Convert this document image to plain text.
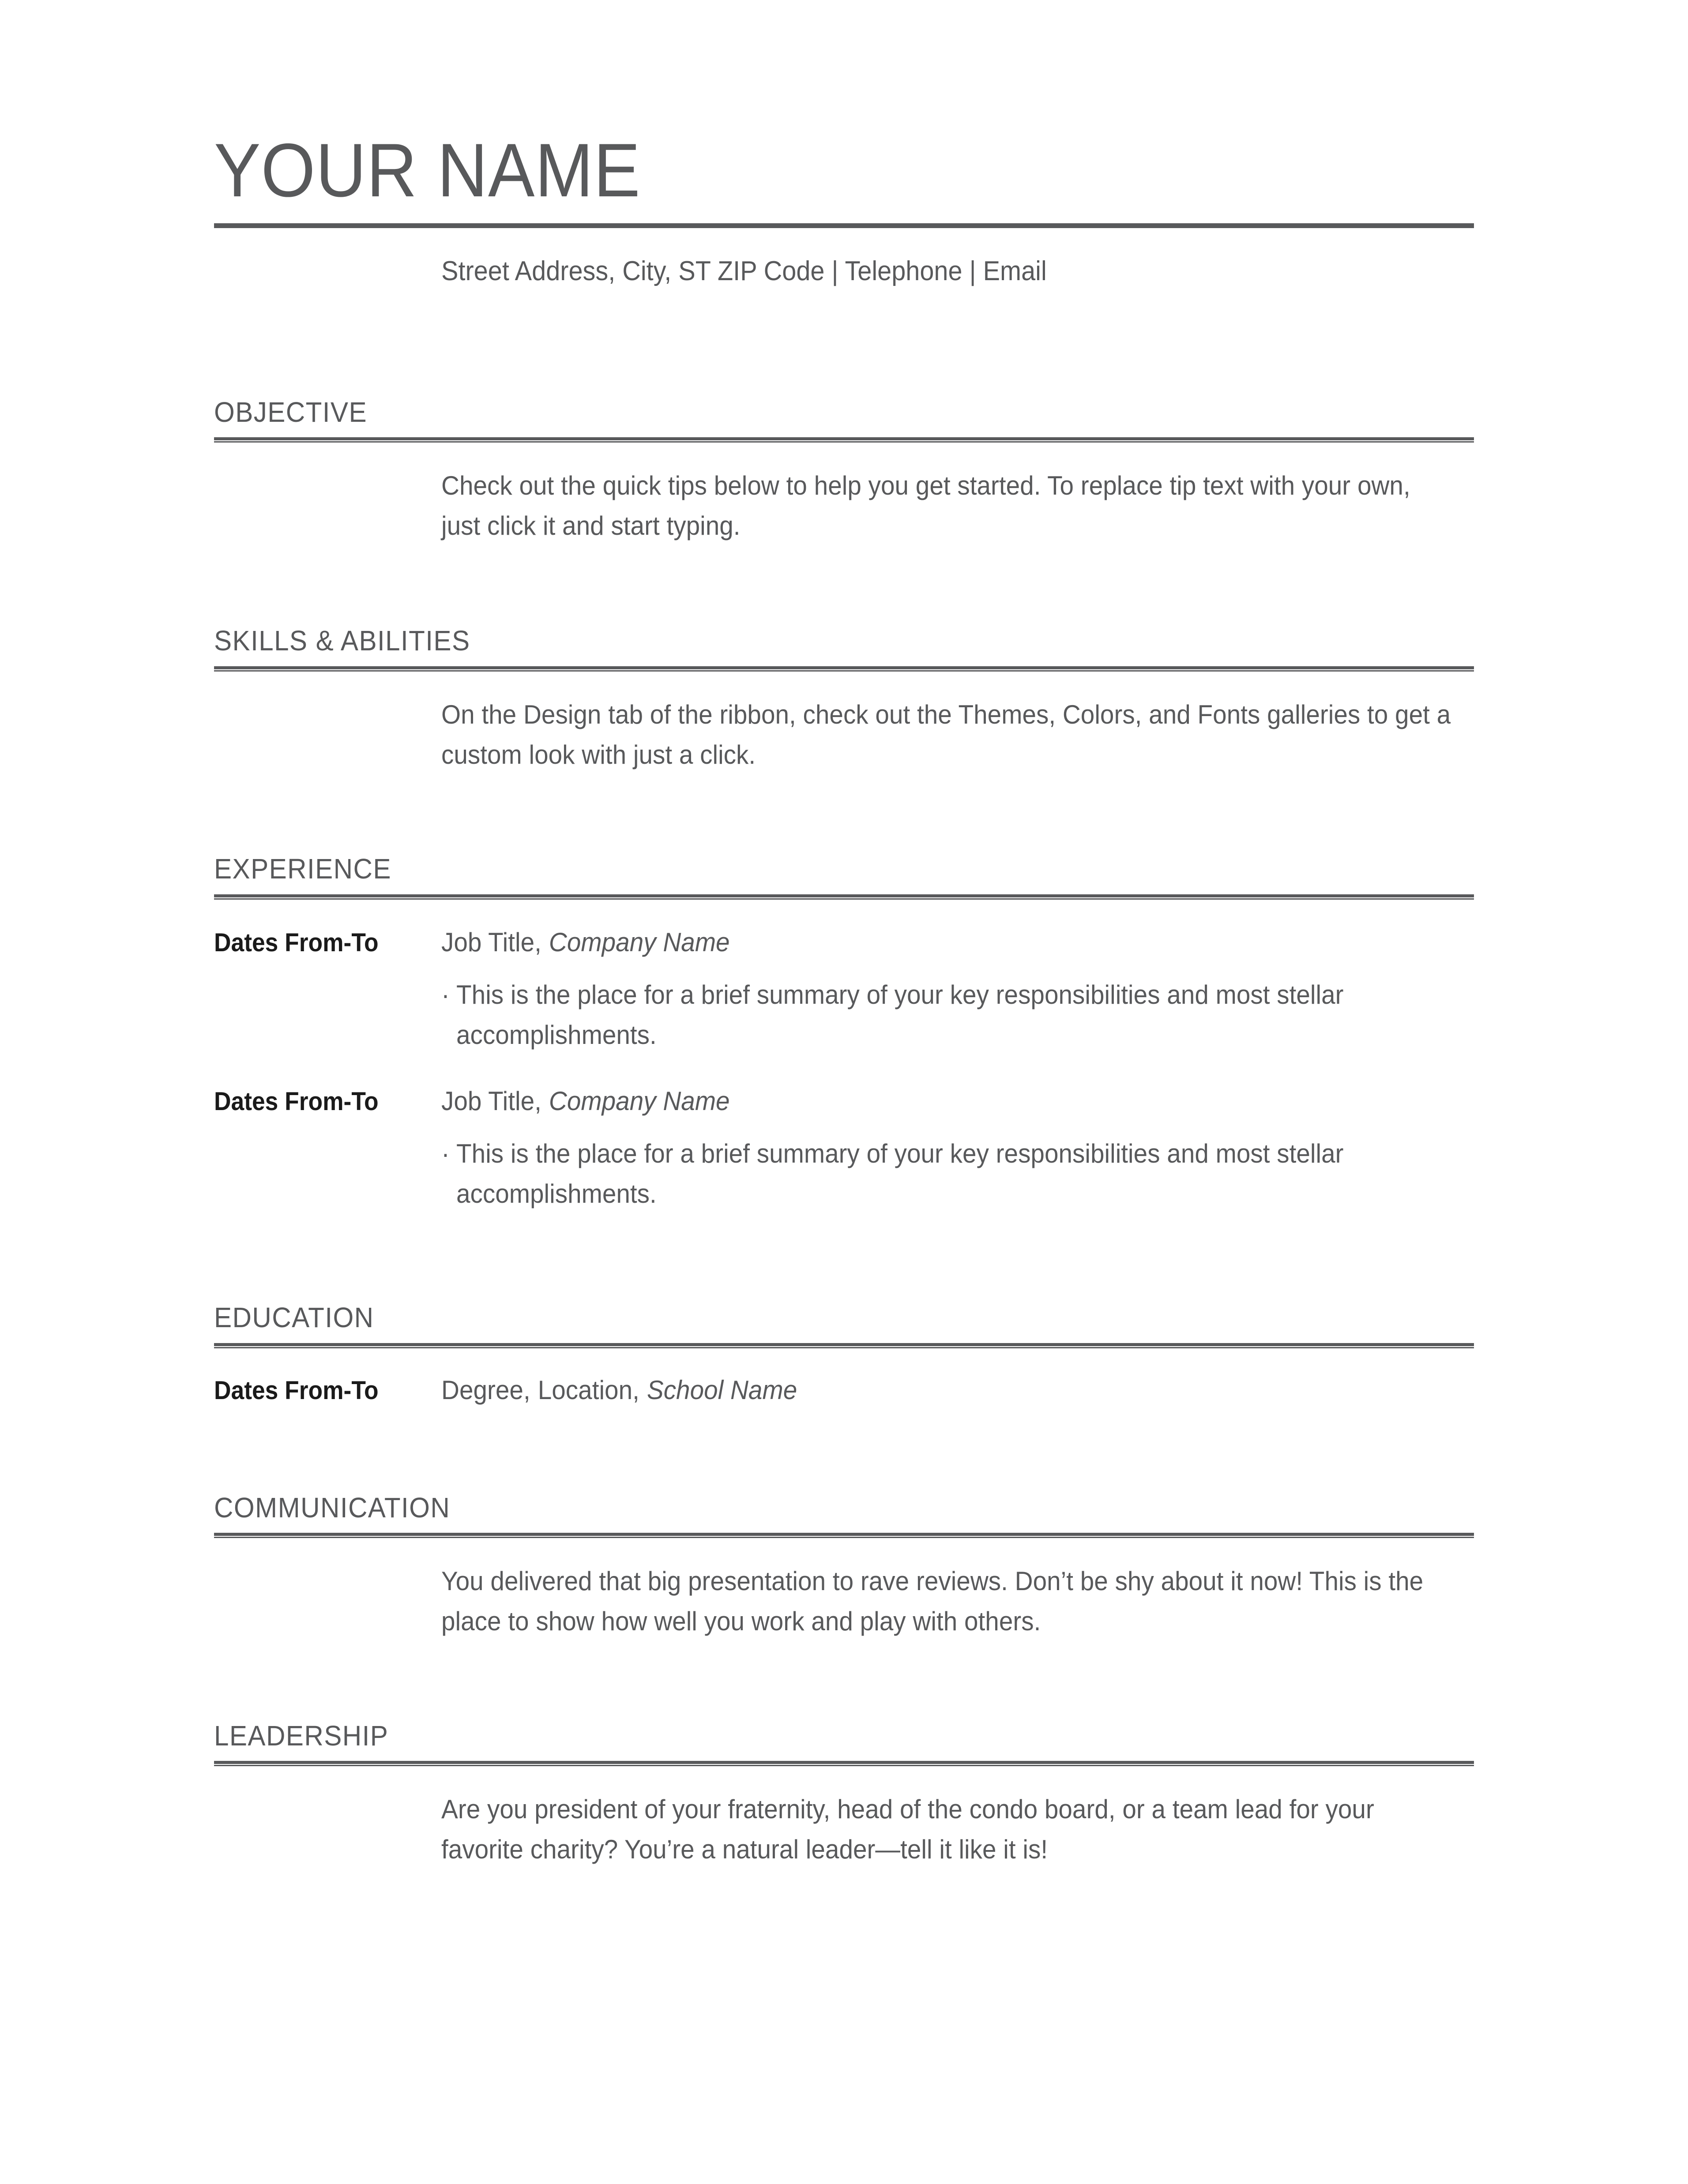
YOUR NAME
Street Address, City, ST ZIP Code | Telephone | Email
OBJECTIVE

Check out the quick tips below to help you get started. To replace tip text with your own, just click it and start typing.

SKILLS & ABILITIES

On the Design tab of the ribbon, check out the Themes, Colors, and Fonts galleries to get a custom look with just a click.

EXPERIENCE
Dates From-To	Job Title, Company Name
· This is the place for a brief summary of your key responsibilities and most stellar accomplishments.
Dates From-To	Job Title, Company Name
· This is the place for a brief summary of your key responsibilities and most stellar accomplishments.
EDUCATION
Dates From-To	Degree, Location, School Name
COMMUNICATION

You delivered that big presentation to rave reviews. Don’t be shy about it now! This is the place to show how well you work and play with others.

LEADERSHIP

Are you president of your fraternity, head of the condo board, or a team lead for your favorite charity? You’re a natural leader—tell it like it is!
